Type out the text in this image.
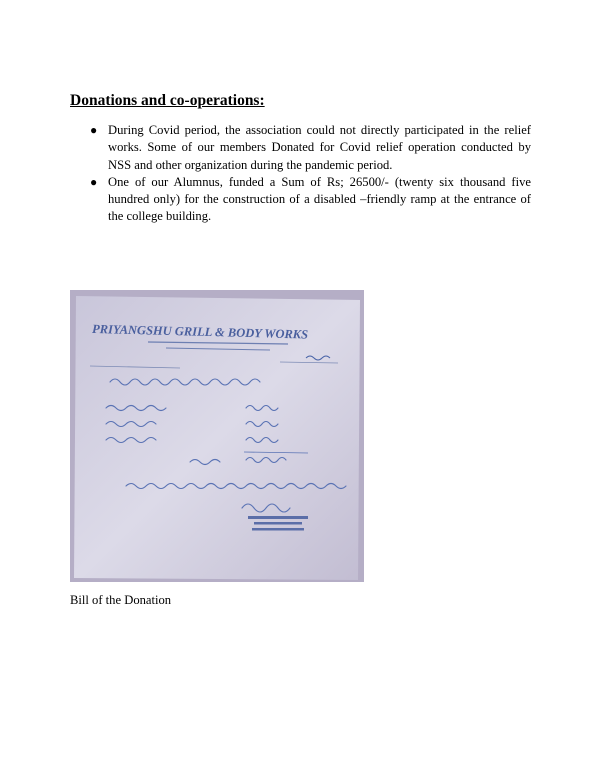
Donations and co-operations:
● During Covid period, the association could not directly participated in the relief works. Some of our members Donated for Covid relief operation conducted by NSS and other organization during the pandemic period.
● One of our Alumnus, funded a Sum of Rs; 26500/- (twenty six thousand five hundred only) for the construction of a disabled –friendly ramp at the entrance of the college building.
PRIYANGSHU GRILL & BODY WORKS

Bill of the Donation
